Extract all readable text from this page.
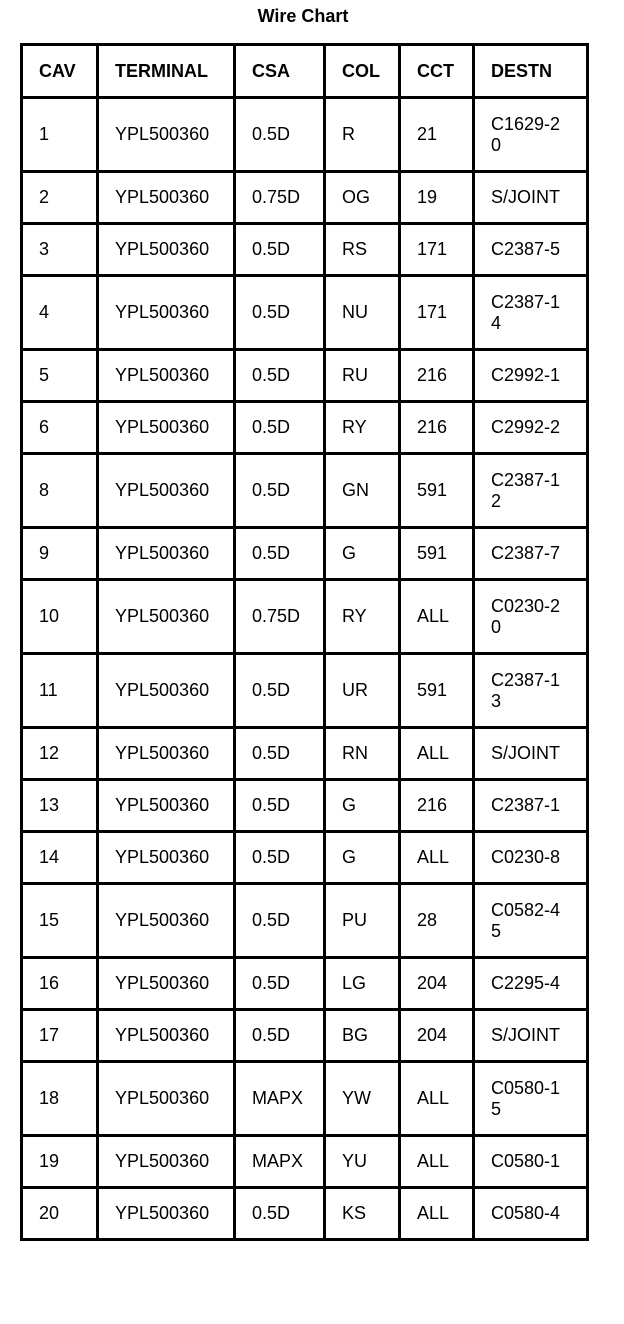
Wire Chart
CAV	TERMINAL	CSA	COL	CCT	DESTN
1	YPL500360	0.5D	R	21	C1629-20
2	YPL500360	0.75D	OG	19	S/JOINT
3	YPL500360	0.5D	RS	171	C2387-5
4	YPL500360	0.5D	NU	171	C2387-14
5	YPL500360	0.5D	RU	216	C2992-1
6	YPL500360	0.5D	RY	216	C2992-2
8	YPL500360	0.5D	GN	591	C2387-12
9	YPL500360	0.5D	G	591	C2387-7
10	YPL500360	0.75D	RY	ALL	C0230-20
11	YPL500360	0.5D	UR	591	C2387-13
12	YPL500360	0.5D	RN	ALL	S/JOINT
13	YPL500360	0.5D	G	216	C2387-1
14	YPL500360	0.5D	G	ALL	C0230-8
15	YPL500360	0.5D	PU	28	C0582-45
16	YPL500360	0.5D	LG	204	C2295-4
17	YPL500360	0.5D	BG	204	S/JOINT
18	YPL500360	MAPX	YW	ALL	C0580-15
19	YPL500360	MAPX	YU	ALL	C0580-1
20	YPL500360	0.5D	KS	ALL	C0580-4
